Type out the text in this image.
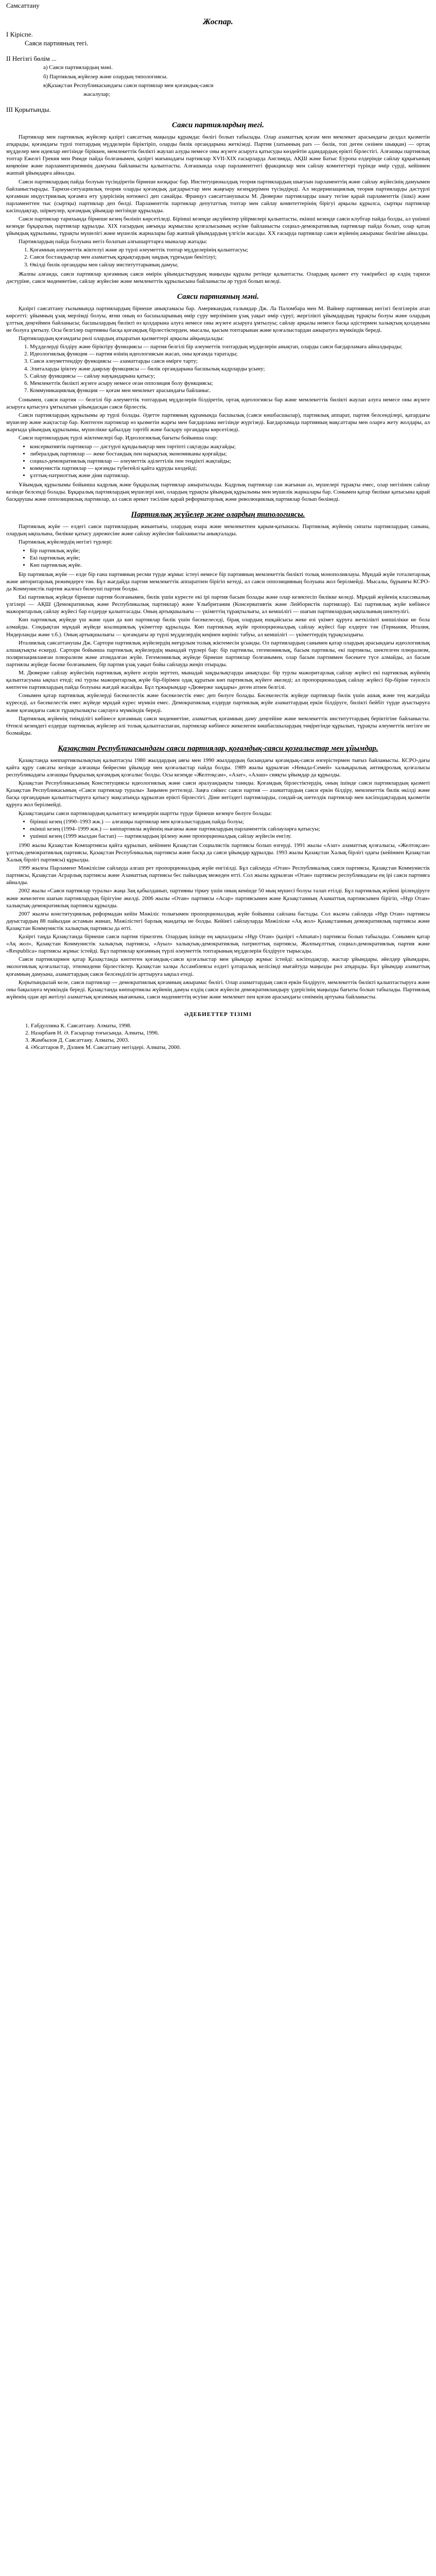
Самсаттану
Жоспар.
І Кіріспе.
Саяси партияның тегі.
II Негізгі бөлім ...
а) Саяси партиялардың мәні.
б) Партиялық жүйелер және олардың типологиясы.
в)Қазақстан Республикасындағы саяси партиялар мен қоғамдық-саяси
жасалулар;
ІІІ Қорытынды.
Саяси партиялардың тегі.

Партиялар мен партиялық жүйелер қазіргі саясаттың маңызды құрамдас бөлігі болып табылады. Олар азаматтық қоғам мен мемлекет арасындағы делдал қызметін атқарады, қоғамдағы түрлі топтардың мүдделерін біріктіріп, оларды билік органдарына жеткізеді. Партия (латынның pars — бөлік, топ деген сөзінен шыққан) — ортақ мүдделер мен идеялар негізінде біріккен, мемлекеттік билікті жаулап алуды немесе оны жүзеге асыруға қатысуды көздейтін адамдардың ерікті бірлестігі. Алғашқы партиялық топтар Ежелгі Грекия мен Римде пайда болғанымен, қазіргі мағынадағы партиялар XVII-XIX ғасырларда Англияда, АҚШ және Батыс Еуропа елдерінде сайлау құқығының кеңеюіне және парламентаризмнің дамуына байланысты қалыптасты. Алғашында олар парламенттегі фракциялар мен сайлау комитеттері түрінде өмір сүрді, кейіннен жаппай ұйымдарға айналды.

Саяси партиялардың пайда болуын түсіндіретін бірнеше көзқарас бар. Институционалдық теория партиялардың шығуын парламенттің және сайлау жүйесінің дамуымен байланыстырады. Тарихи-ситуациялық теория оларды қоғамдық дағдарыстар мен жаңғыру кезеңдерімен түсіндіреді. Ал модернизациялық теория партияларды дәстүрлі қоғамнан индустриялық қоғамға өту үдерісінің нәтижесі деп санайды. Француз саясаттанушысы М. Дюверже партияларды шығу тегіне қарай парламенттік (ішкі) және парламенттен тыс (сыртқы) партиялар деп бөлді. Парламенттік партиялар депутаттық топтар мен сайлау комитеттерінің бірігуі арқылы құрылса, сыртқы партиялар кәсіподақтар, шіркеулер, қоғамдық ұйымдар негізінде құрылады.

Саяси партиялар тарихында бірнеше кезең бөлініп көрсетіледі. Бірінші кезеңде ақсүйектер үйірмелері қалыптасты, екінші кезеңде саяси клубтар пайда болды, ал үшінші кезеңде бұқаралық партиялар құрылды. XIX ғасырдың аяғында жұмысшы қозғалысының өсуіне байланысты социал-демократиялық партиялар пайда болып, олар қатаң ұйымдық құрылымы, тұрақты мүшелігі және мүшелік жарналары бар жаппай ұйымдардың үлгісін жасады. XX ғасырда партиялар саяси жүйенің ажырамас бөлігіне айналды.

Партиялардың пайда болуына негіз болатын алғышарттарға мыналар жатады:

1. Қоғамның әлеуметтік жіктелуі және әр түрлі әлеуметтік топтар мүдделерінің қалыптасуы;
2. Саяси бостандықтар мен азаматтық құқықтардың заңдық тұрғыдан бекітілуі;
3. Өкілді билік органдары мен сайлау институттарының дамуы;

Жалпы алғанда, саяси партиялар қоғамның саяси өмірін ұйымдастырудың маңызды құралы ретінде қалыптасты. Олардың қызмет ету тәжірибесі әр елдің тарихи дәстүріне, саяси мәдениетіне, сайлау жүйесіне және мемлекеттік құрылысына байланысты әр түрлі болып келеді.

Саяси партияның мәні.

Қазіргі саясаттану ғылымында партиялардың бірнеше анықтамасы бар. Американдық ғалымдар Дж. Ла Паломбара мен М. Вайнер партияның негізгі белгілерін атап көрсетті: ұйымның ұзақ мерзімді болуы, яғни оның өз басшыларының өмір сүру мерзімінен ұзақ уақыт өмір сүруі; жергілікті ұйымдардың тұрақты болуы және олардың ұлттық деңгеймен байланысы; басшылардың билікті өз қолдарына алуға немесе оны жүзеге асыруға ұмтылуы; сайлау арқылы немесе басқа әдістермен халықтың қолдауына ие болуға ұмтылу. Осы белгілер партияны басқа қоғамдық бірлестіктерден, мысалы, қысым топтарынан және қозғалыстардан ажыратуға мүмкіндік береді.

Партиялардың қоғамдағы рөлі олардың атқаратын қызметтері арқылы айқындалады:

1. Мүдделерді білдіру және біріктіру функциясы — партия белгілі бір әлеуметтік топтардың мүдделерін анықтап, оларды саяси бағдарламаға айналдырады;
2. Идеологиялық функция — партия өзінің идеологиясын жасап, оны қоғамда таратады;
3. Саяси әлеуметтендіру функциясы — азаматтарды саяси өмірге тарту;
4. Элиталарды іріктеу және даярлау функциясы — билік органдарына басшылық кадрларды ұсыну;
5. Сайлау функциясы — сайлау науқандарына қатысу;
6. Мемлекеттік билікті жүзеге асыру немесе оған оппозиция болу функциясы;
7. Коммуникациялық функция — қоғам мен мемлекет арасындағы байланыс.

Сонымен, саяси партия — белгілі бір әлеуметтік топтардың мүдделерін білдіретін, ортақ идеологиясы бар және мемлекеттік билікті жаулап алуға немесе оны жүзеге асыруға қатысуға ұмтылатын ұйымдасқан саяси бірлестік.

Саяси партиялардың құрылымы әр түрлі болады. Әдетте партияның құрамында басшылық (саяси көшбасшылар), партиялық аппарат, партия белсенділері, қатардағы мүшелер және жақтастар бар. Көптеген партиялар өз қызметін жарғы мен бағдарлама негізінде жүргізеді. Бағдарламада партияның мақсаттары мен оларға жету жолдары, ал жарғыда ұйымдық құрылымы, мүшелікке қабылдау тәртібі және басқару органдары көрсетіледі.

Саяси партиялардың түрлі жіктемелері бар. Идеологиялық бағыты бойынша олар:

• консервативтік партиялар — дәстүрлі құндылықтар мен тәртіпті сақтауды жақтайды;
• либералдық партиялар — жеке бостандық пен нарықтық экономиканы қорғайды;
• социал-демократиялық партиялар — әлеуметтік әділеттілік пен теңдікті жақтайды;
• коммунистік партиялар — қоғамды түбегейлі қайта құруды көздейді;
• ұлттық-патриоттық және діни партиялар.

Ұйымдық құрылымы бойынша кадрлық және бұқаралық партиялар ажыратылады. Кадрлық партиялар сан жағынан аз, мүшелері тұрақты емес, олар негізінен сайлау кезінде белсенді болады. Бұқаралық партиялардың мүшелері көп, олардың тұрақты ұйымдық құрылымы мен мүшелік жарналары бар. Сонымен қатар билікке қатысына қарай басқарушы және оппозициялық партиялар, ал саяси әрекет тәсіліне қарай реформаторлық және революциялық партиялар болып бөлінеді.

Партиялық жүйелер және олардың типологиясы.

Партиялық жүйе — елдегі саяси партиялардың жиынтығы, олардың өзара және мемлекетпен қарым-қатынасы. Партиялық жүйенің сипаты партиялардың санына, олардың ықпалына, билікке қатысу дәрежесіне және сайлау жүйесіне байланысты анықталады.

Партиялық жүйелердің негізгі түрлері:

• Бір партиялық жүйе;
• Екі партиялық жүйе;
• Көп партиялық жүйе.

Бір партиялық жүйе — елде бір ғана партияның ресми түрде жұмыс істеуі немесе бір партияның мемлекеттік билікті толық монополиялауы. Мұндай жүйе тоталитарлық және авторитарлық режимдерге тән. Бұл жағдайда партия мемлекеттік аппаратпен бірігіп кетеді, ал саяси оппозицияның болуына жол берілмейді. Мысалы, бұрынғы КСРО-да Коммунистік партия жалғыз билеуші партия болды.

Екі партиялық жүйеде бірнеше партия болғанымен, билік үшін күресте екі ірі партия басым болады және олар кезектесіп билікке келеді. Мұндай жүйенің классикалық үлгілері — АҚШ (Демократиялық және Республикалық партиялар) және Ұлыбритания (Консервативтік және Лейбористік партиялар). Екі партиялық жүйе көбінесе мажоритарлық сайлау жүйесі бар елдерде қалыптасады. Оның артықшылығы — үкіметтің тұрақтылығы, ал кемшілігі — шағын партиялардың ықпалының шектеулігі.

Көп партиялық жүйеде үш және одан да көп партиялар билік үшін бәсекелеседі, бірақ олардың ешқайсысы жеке өзі үкімет құруға жеткілікті көпшілікке ие бола алмайды. Сондықтан мұндай жүйеде коалициялық үкіметтер құрылады. Көп партиялық жүйе пропорционалдық сайлау жүйесі бар елдерге тән (Германия, Италия, Нидерланды және т.б.). Оның артықшылығы — қоғамдағы әр түрлі мүдделердің кеңінен көрініс табуы, ал кемшілігі — үкіметтердің тұрақсыздығы.

Италиялық саясаттанушы Дж. Сартори партиялық жүйелердің неғұрлым толық жіктемесін ұсынды. Ол партиялардың санымен қатар олардың арасындағы идеологиялық алшақтықты ескерді. Сартори бойынша партиялық жүйелердің мынадай түрлері бар: бір партиялы, гегемониялық, басым партиялы, екі партиялы, шектелген плюрализм, поляризацияланған плюрализм және атомдалған жүйе. Гегемониялық жүйеде бірнеше партиялар болғанымен, олар басым партиямен бәсекеге түсе алмайды, ал басым партиялы жүйеде бәсеке болғанымен, бір партия ұзақ уақыт бойы сайлауда жеңіп отырады.

М. Дюверже сайлау жүйесінің партиялық жүйеге әсерін зерттеп, мынадай заңдылықтарды анықтады: бір турлы мажоритарлық сайлау жүйесі екі партиялық жүйенің қалыптасуына ықпал етеді; екі турлы мажоритарлық жүйе бір-бірімен одақ құратын көп партиялық жүйеге әкеледі; ал пропорционалдық сайлау жүйесі бір-біріне тәуелсіз көптеген партиялардың пайда болуына жағдай жасайды. Бұл тұжырымдар «Дюверже заңдары» деген атпен белгілі.

Сонымен қатар партиялық жүйелерді бәсекелестік және бәсекелестік емес деп бөлуге болады. Бәсекелестік жүйеде партиялар билік үшін ашық және тең жағдайда күреседі, ал бәсекелестік емес жүйеде мұндай күрес мүмкін емес. Демократиялық елдерде партиялық жүйе азаматтардың еркін білдіруге, билікті бейбіт түрде ауыстыруға және қоғамдағы саяси тұрақтылықты сақтауға мүмкіндік береді.

Партиялық жүйенің тиімділігі көбінесе қоғамның саяси мәдениетіне, азаматтық қоғамның даму деңгейіне және мемлекеттік институттардың беріктігіне байланысты. Өтпелі кезеңдегі елдерде партиялық жүйелер әлі толық қалыптаспаған, партиялар көбінесе жекелеген көшбасшылардың төңірегінде құрылып, тұрақты әлеуметтік негізге ие болмайды.

Қазақстан Республикасындағы саяси партиялар, қоғамдық-саяси қозғалыстар мен ұйымдар.

Қазақстанда көппартиялылықтың қалыптасуы 1980 жылдардың аяғы мен 1990 жылдардың басындағы қоғамдық-саяси өзгерістермен тығыз байланысты. КСРО-дағы қайта құру саясаты кезінде алғашқы бейресми ұйымдар мен қозғалыстар пайда болды. 1989 жылы құрылған «Невада-Семей» халықаралық антиядролық қозғалысы республикадағы алғашқы бұқаралық қоғамдық қозғалыс болды. Осы кезеңде «Желтоқсан», «Азат», «Алаш» сияқты ұйымдар да құрылды.

Қазақстан Республикасының Конституциясы идеологиялық және саяси әралуандықты таниды. Қоғамдық бірлестіктердің, оның ішінде саяси партиялардың қызметі Қазақстан Республикасының «Саяси партиялар туралы» Заңымен реттеледі. Заңға сәйкес саяси партия — азаматтардың саяси еркін білдіру, мемлекеттік билік өкілді және басқа органдарын қалыптастыруға қатысу мақсатында құрылған ерікті бірлестігі. Діни негіздегі партияларды, сондай-ақ шетелдік партиялар мен кәсіподақтардың қызметін құруға жол берілмейді.

Қазақстандағы саяси партиялардың қалыптасу кезеңдерін шартты түрде бірнеше кезеңге бөлуге болады:

• бірінші кезең (1990–1993 жж.) — алғашқы партиялар мен қозғалыстардың пайда болуы;
• екінші кезең (1994–1999 жж.) — көппартиялы жүйенің нығаюы және партиялардың парламенттік сайлауларға қатысуы;
• үшінші кезең (1999 жылдан бастап) — партиялардың ірілену және пропорционалдық сайлау жүйесін енгізу.

1990 жылы Қазақстан Компартиясы қайта құрылып, кейіннен Қазақстан Социалистік партиясы болып өзгерді. 1991 жылы «Азат» азаматтық қозғалысы, «Желтоқсан» ұлттық-демократиялық партиясы, Қазақстан Республикалық партиясы және басқа да саяси ұйымдар құрылды. 1993 жылы Қазақстан Халық бірлігі одағы (кейіннен Қазақстан Халық бірлігі партиясы) құрылды.

1999 жылғы Парламент Мәжілісіне сайлауда алғаш рет пропорционалдық жүйе енгізілді. Бұл сайлауда «Отан» Республикалық саяси партиясы, Қазақстан Коммунистік партиясы, Қазақстан Аграрлық партиясы және Азаматтық партиясы бес пайыздық межеден өтті. Сол жылы құрылған «Отан» партиясы республикадағы ең ірі саяси партияға айналды.

2002 жылы «Саяси партиялар туралы» жаңа Заң қабылданып, партияны тіркеу үшін оның кемінде 50 мың мүшесі болуы талап етілді. Бұл партиялық жүйені ірілендіруге және жекелеген шағын партиялардың бірігуіне әкелді. 2006 жылы «Отан» партиясы «Асар» партиясымен және Қазақстанның Азаматтық партиясымен бірігіп, «Нұр Отан» халықтық-демократиялық партиясы құрылды.

2007 жылғы конституциялық реформадан кейін Мәжіліс толығымен пропорционалдық жүйе бойынша сайлана бастады. Сол жылғы сайлауда «Нұр Отан» партиясы дауыстардың 88 пайыздан астамын жинап, Мәжілістегі барлық мандатқа ие болды. Кейінгі сайлауларда Мәжіліске «Ақ жол» Қазақстанның демократиялық партиясы және Қазақстан Коммунистік халықтық партиясы да өтті.

Қазіргі таңда Қазақстанда бірнеше саяси партия тіркелген. Олардың ішінде ең ықпалдысы «Нұр Отан» (қазіргі «Amanat») партиясы болып табылады. Сонымен қатар «Ақ жол», Қазақстан Коммунистік халықтық партиясы, «Ауыл» халықтық-демократиялық патриоттық партиясы, Жалпыұлттық социал-демократиялық партия және «Respublica» партиясы жұмыс істейді. Бұл партиялар қоғамның түрлі әлеуметтік топтарының мүдделерін білдіруге тырысады.

Саяси партиялармен қатар Қазақстанда көптеген қоғамдық-саяси қозғалыстар мен ұйымдар жұмыс істейді: кәсіподақтар, жастар ұйымдары, әйелдер ұйымдары, экологиялық қозғалыстар, этномәдени бірлестіктер. Қазақстан халқы Ассамблеясы елдегі ұлтаралық келісімді нығайтуда маңызды рөл атқарады. Бұл ұйымдар азаматтық қоғамның дамуына, азаматтардың саяси белсенділігін арттыруға ықпал етеді.

Қорытындылай келе, саяси партиялар — демократиялық қоғамның ажырамас бөлігі. Олар азаматтардың саяси еркін білдіруге, мемлекеттік билікті қалыптастыруға және оны бақылауға мүмкіндік береді. Қазақстанда көппартиялы жүйенің дамуы елдің саяси жүйесін демократияландыру үдерісінің маңызды бағыты болып табылады. Партиялық жүйенің одан әрі жетілуі азаматтық қоғамның нығаюына, саяси мәдениеттің өсуіне және мемлекет пен қоғам арасындағы сенімнің артуына байланысты.

ӘДЕБИЕТТЕР ТІЗІМІ
1. Ғабдуллина К. Саясаттану. Алматы, 1998.
2. Назарбаев Н. Ә. Ғасырлар тоғысында. Алматы, 1996.
3. Жамбылов Д. Саясаттану. Алматы, 2003.
4. Әбсаттаров Р., Дзлиев М. Саясаттану негіздері. Алматы, 2000.
